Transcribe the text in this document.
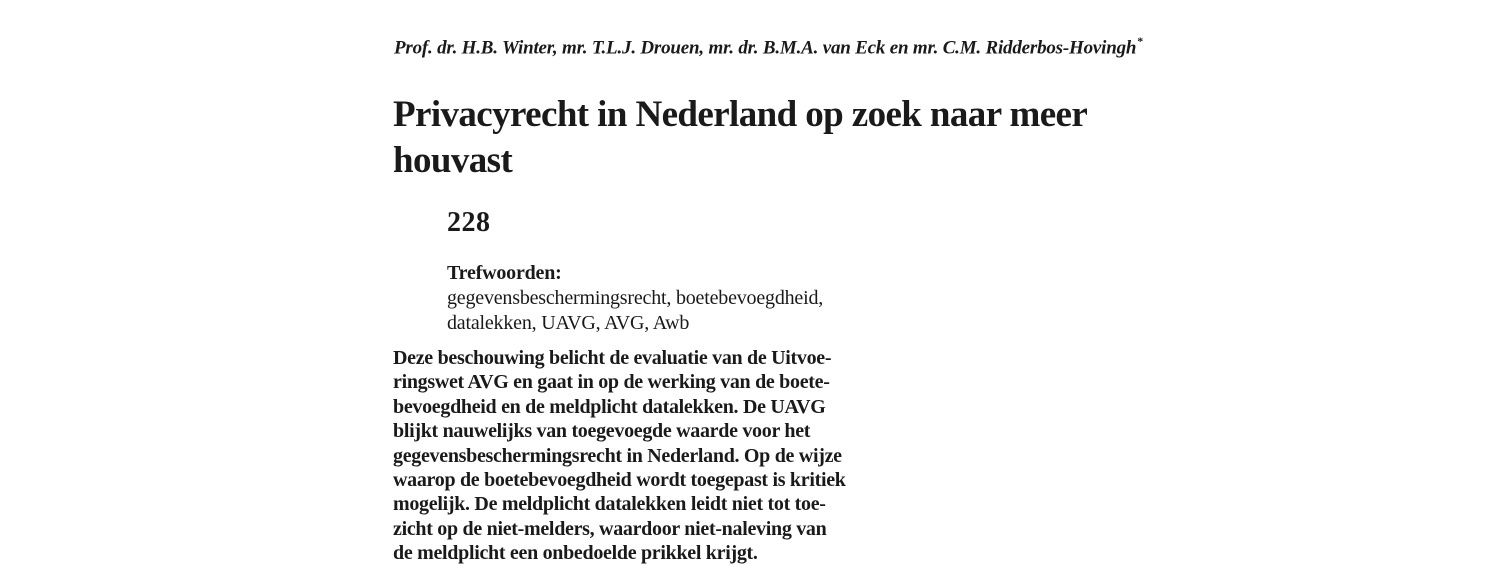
Prof. dr. H.B. Winter, mr. T.L.J. Drouen, mr. dr. B.M.A. van Eck en mr. C.M. Ridderbos-Hovingh*
Privacyrecht in Nederland op zoek naar meer
houvast
228
Trefwoorden:
gegevensbeschermingsrecht, boetebevoegdheid,
datalekken, UAVG, AVG, Awb
Deze beschouwing belicht de evaluatie van de Uitvoe-
ringswet AVG en gaat in op de werking van de boete-
bevoegdheid en de meldplicht datalekken. De UAVG
blijkt nauwelijks van toegevoegde waarde voor het
gegevensbeschermingsrecht in Nederland. Op de wijze
waarop de boetebevoegdheid wordt toegepast is kritiek
mogelijk. De meldplicht datalekken leidt niet tot toe-
zicht op de niet-melders, waardoor niet-naleving van
de meldplicht een onbedoelde prikkel krijgt.
